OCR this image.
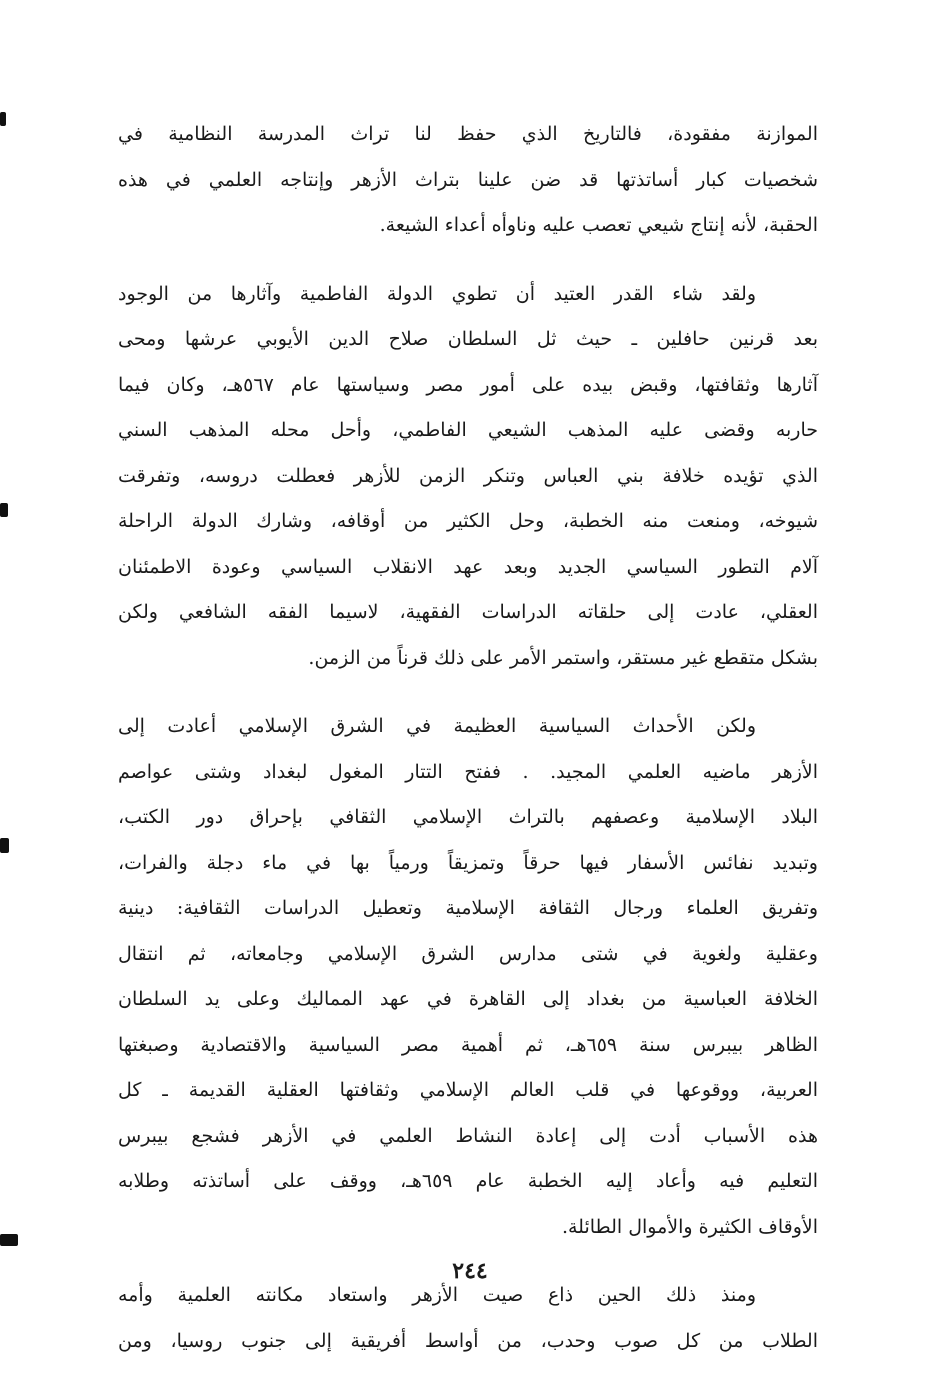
الموازنة مفقودة، فالتاريخ الذي حفظ لنا تراث المدرسة النظامية في
شخصيات كبار أساتذتها قد ضن علينا بتراث الأزهر وإنتاجه العلمي في هذه
الحقبة، لأنه إنتاج شيعي تعصب عليه وناوأه أعداء الشيعة.
ولقد شاء القدر العتيد أن تطوي الدولة الفاطمية وآثارها من الوجود
بعد قرنين حافلين ـ حيث ثل السلطان صلاح الدين الأيوبي عرشها ومحى
آثارها وثقافتها، وقبض بيده على أمور مصر وسياستها عام ٥٦٧هـ، وكان فيما
حاربه وقضى عليه المذهب الشيعي الفاطمي، وأحل محله المذهب السني
الذي تؤيده خلافة بني العباس وتنكر الزمن للأزهر فعطلت دروسه، وتفرقت
شيوخه، ومنعت منه الخطبة، وحل الكثير من أوقافه، وشارك الدولة الراحلة
آلام التطور السياسي الجديد وبعد عهد الانقلاب السياسي وعودة الاطمئنان
العقلي، عادت إلى حلقاته الدراسات الفقهية، لاسيما الفقه الشافعي ولكن
بشكل متقطع غير مستقر، واستمر الأمر على ذلك قرناً من الزمن.
ولكن الأحداث السياسية العظيمة في الشرق الإسلامي أعادت إلى
الأزهر ماضيه العلمي المجيد. . ففتح التتار المغول لبغداد وشتى عواصم
البلاد الإسلامية وعصفهم بالتراث الإسلامي الثقافي بإحراق دور الكتب،
وتبديد نفائس الأسفار فيها حرقاً وتمزيقاً ورمياً بها في ماء دجلة والفرات،
وتفريق العلماء ورجال الثقافة الإسلامية وتعطيل الدراسات الثقافية: دينية
وعقلية ولغوية في شتى مدارس الشرق الإسلامي وجامعاته، ثم انتقال
الخلافة العباسية من بغداد إلى القاهرة في عهد المماليك وعلى يد السلطان
الظاهر بيبرس سنة ٦٥٩هـ، ثم أهمية مصر السياسية والاقتصادية وصبغتها
العربية، ووقوعها في قلب العالم الإسلامي وثقافتها العقلية القديمة ـ كل
هذه الأسباب أدت إلى إعادة النشاط العلمي في الأزهر فشجع بيبرس
التعليم فيه وأعاد إليه الخطبة عام ٦٥٩هـ، ووقف على أساتذته وطلابه
الأوقاف الكثيرة والأموال الطائلة.
ومنذ ذلك الحين ذاع صيت الأزهر واستعاد مكانته العلمية وأمه
الطلاب من كل صوب وحدب، من أواسط أفريقية إلى جنوب روسيا، ومن
٢٤٤
